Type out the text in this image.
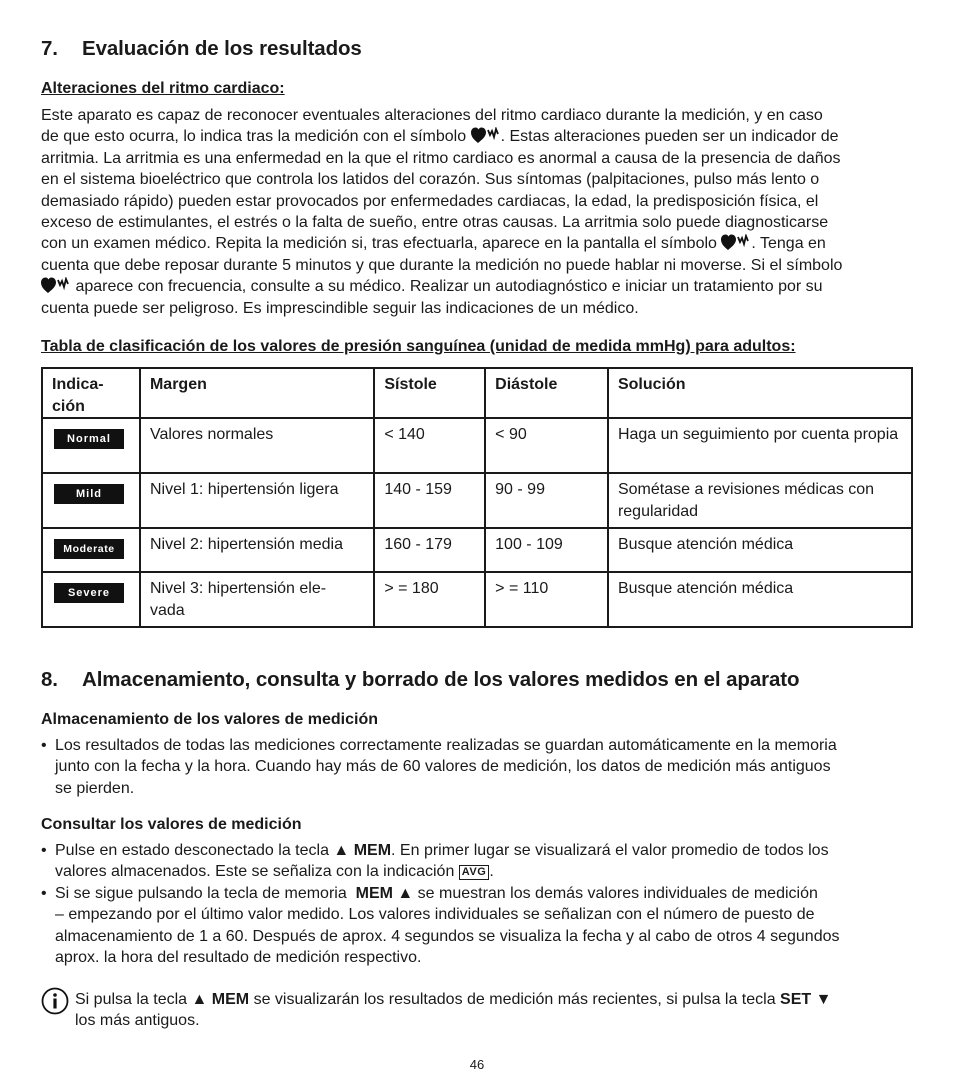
7. Evaluación de los resultados
Alteraciones del ritmo cardiaco:
Este aparato es capaz de reconocer eventuales alteraciones del ritmo cardiaco durante la medición, y en caso
de que esto ocurra, lo indica tras la medición con el símbolo . Estas alteraciones pueden ser un indicador de
arritmia. La arritmia es una enfermedad en la que el ritmo cardiaco es anormal a causa de la presencia de daños
en el sistema bioeléctrico que controla los latidos del corazón. Sus síntomas (palpitaciones, pulso más lento o
demasiado rápido) pueden estar provocados por enfermedades cardiacas, la edad, la predisposición física, el
exceso de estimulantes, el estrés o la falta de sueño, entre otras causas. La arritmia solo puede diagnosticarse
con un examen médico. Repita la medición si, tras efectuarla, aparece en la pantalla el símbolo . Tenga en
cuenta que debe reposar durante 5 minutos y que durante la medición no puede hablar ni moverse. Si el símbolo
aparece con frecuencia, consulte a su médico. Realizar un autodiagnóstico e iniciar un tratamiento por su
cuenta puede ser peligroso. Es imprescindible seguir las indicaciones de un médico.
Tabla de clasificación de los valores de presión sanguínea (unidad de medida mmHg) para adultos:
Indica-
ción	Margen	Sístole	Diástole	Solución
Normal	Valores normales	< 140	< 90	Haga un seguimiento por cuenta propia
Mild	Nivel 1: hipertensión ligera	140 - 159	90 - 99	Sométase a revisiones médicas con regularidad
Moderate	Nivel 2: hipertensión media	160 - 179	100 - 109	Busque atención médica
Severe	Nivel 3: hipertensión ele-
vada	> = 180	> = 110	Busque atención médica
8. Almacenamiento, consulta y borrado de los valores medidos en el aparato
Almacenamiento de los valores de medición
• Los resultados de todas las mediciones correctamente realizadas se guardan automáticamente en la memoria
junto con la fecha y la hora. Cuando hay más de 60 valores de medición, los datos de medición más antiguos
se pierden.
Consultar los valores de medición
• Pulse en estado desconectado la tecla ▲ MEM. En primer lugar se visualizará el valor promedio de todos los
valores almacenados. Este se señaliza con la indicación AVG .
• Si se sigue pulsando la tecla de memoria  MEM ▲ se muestran los demás valores individuales de medición
– empezando por el último valor medido. Los valores individuales se señalizan con el número de puesto de
almacenamiento de 1 a 60. Después de aprox. 4 segundos se visualiza la fecha y al cabo de otros 4 segundos
aprox. la hora del resultado de medición respectivo.
Si pulsa la tecla ▲ MEM se visualizarán los resultados de medición más recientes, si pulsa la tecla SET ▼
los más antiguos.
46
